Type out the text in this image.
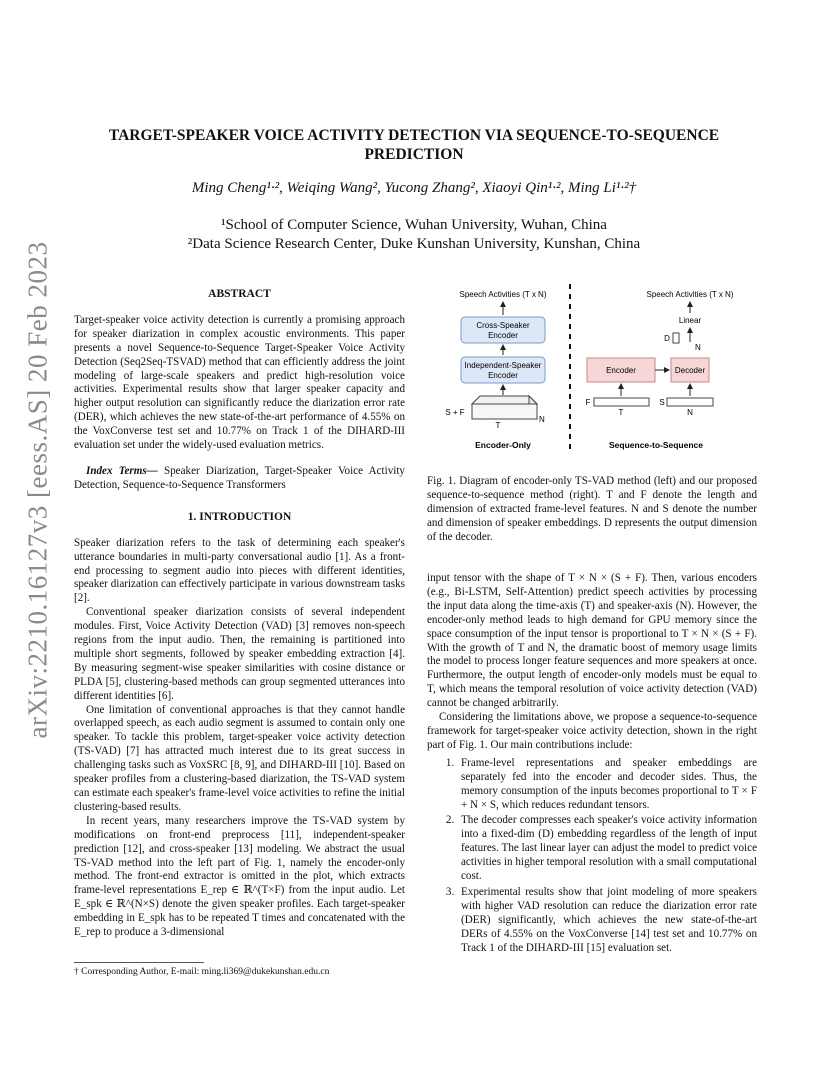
arXiv:2210.16127v3 [eess.AS] 20 Feb 2023
TARGET-SPEAKER VOICE ACTIVITY DETECTION VIA SEQUENCE-TO-SEQUENCE PREDICTION
Ming Cheng¹·², Weiqing Wang², Yucong Zhang², Xiaoyi Qin¹·², Ming Li¹·²†
¹School of Computer Science, Wuhan University, Wuhan, China
²Data Science Research Center, Duke Kunshan University, Kunshan, China
ABSTRACT

Target-speaker voice activity detection is currently a promising approach for speaker diarization in complex acoustic environments. This paper presents a novel Sequence-to-Sequence Target-Speaker Voice Activity Detection (Seq2Seq-TSVAD) method that can efficiently address the joint modeling of large-scale speakers and predict high-resolution voice activities. Experimental results show that larger speaker capacity and higher output resolution can significantly reduce the diarization error rate (DER), which achieves the new state-of-the-art performance of 4.55% on the VoxConverse test set and 10.77% on Track 1 of the DIHARD-III evaluation set under the widely-used evaluation metrics.

Index Terms— Speaker Diarization, Target-Speaker Voice Activity Detection, Sequence-to-Sequence Transformers

1. INTRODUCTION

Speaker diarization refers to the task of determining each speaker's utterance boundaries in multi-party conversational audio [1]. As a front-end processing to segment audio into pieces with different identities, speaker diarization can effectively participate in various downstream tasks [2].

Conventional speaker diarization consists of several independent modules. First, Voice Activity Detection (VAD) [3] removes non-speech regions from the input audio. Then, the remaining is partitioned into multiple short segments, followed by speaker embedding extraction [4]. By measuring segment-wise speaker similarities with cosine distance or PLDA [5], clustering-based methods can group segmented utterances into different identities [6].

One limitation of conventional approaches is that they cannot handle overlapped speech, as each audio segment is assumed to contain only one speaker. To tackle this problem, target-speaker voice activity detection (TS-VAD) [7] has attracted much interest due to its great success in challenging tasks such as VoxSRC [8, 9], and DIHARD-III [10]. Based on speaker profiles from a clustering-based diarization, the TS-VAD system can estimate each speaker's frame-level voice activities to refine the initial clustering-based results.

In recent years, many researchers improve the TS-VAD system by modifications on front-end preprocess [11], independent-speaker prediction [12], and cross-speaker [13] modeling. We abstract the usual TS-VAD method into the left part of Fig. 1, namely the encoder-only method. The front-end extractor is omitted in the plot, which extracts frame-level representations E_rep ∈ ℝ^(T×F) from the input audio. Let E_spk ∈ ℝ^(N×S) denote the given speaker profiles. Each target-speaker embedding in E_spk has to be repeated T times and concatenated with the E_rep to produce a 3-dimensional

† Corresponding Author, E-mail: ming.li369@dukekunshan.edu.cn
Speech Activities (T x N)
Cross-Speaker
Encoder
Independent-Speaker
Encoder
S + F
T
N
Encoder-Only
Speech Activities (T x N)
Linear
D
N
Encoder	Decoder
F	S
T	N
Sequence-to-Sequence
Fig. 1. Diagram of encoder-only TS-VAD method (left) and our proposed sequence-to-sequence method (right). T and F denote the length and dimension of extracted frame-level features. N and S denote the number and dimension of speaker embeddings. D represents the output dimension of the decoder.

input tensor with the shape of T × N × (S + F). Then, various encoders (e.g., Bi-LSTM, Self-Attention) predict speech activities by processing the input data along the time-axis (T) and speaker-axis (N). However, the encoder-only method leads to high demand for GPU memory since the space consumption of the input tensor is proportional to T × N × (S + F). With the growth of T and N, the dramatic boost of memory usage limits the model to process longer feature sequences and more speakers at once. Furthermore, the output length of encoder-only models must be equal to T, which means the temporal resolution of voice activity detection (VAD) cannot be changed arbitrarily.

Considering the limitations above, we propose a sequence-to-sequence framework for target-speaker voice activity detection, shown in the right part of Fig. 1. Our main contributions include:

1. Frame-level representations and speaker embeddings are separately fed into the encoder and decoder sides. Thus, the memory consumption of the inputs becomes proportional to T × F + N × S, which reduces redundant tensors.
2. The decoder compresses each speaker's voice activity information into a fixed-dim (D) embedding regardless of the length of input features. The last linear layer can adjust the model to predict voice activities in higher temporal resolution with a small computational cost.
3. Experimental results show that joint modeling of more speakers with higher VAD resolution can reduce the diarization error rate (DER) significantly, which achieves the new state-of-the-art DERs of 4.55% on the VoxConverse [14] test set and 10.77% on Track 1 of the DIHARD-III [15] evaluation set.
